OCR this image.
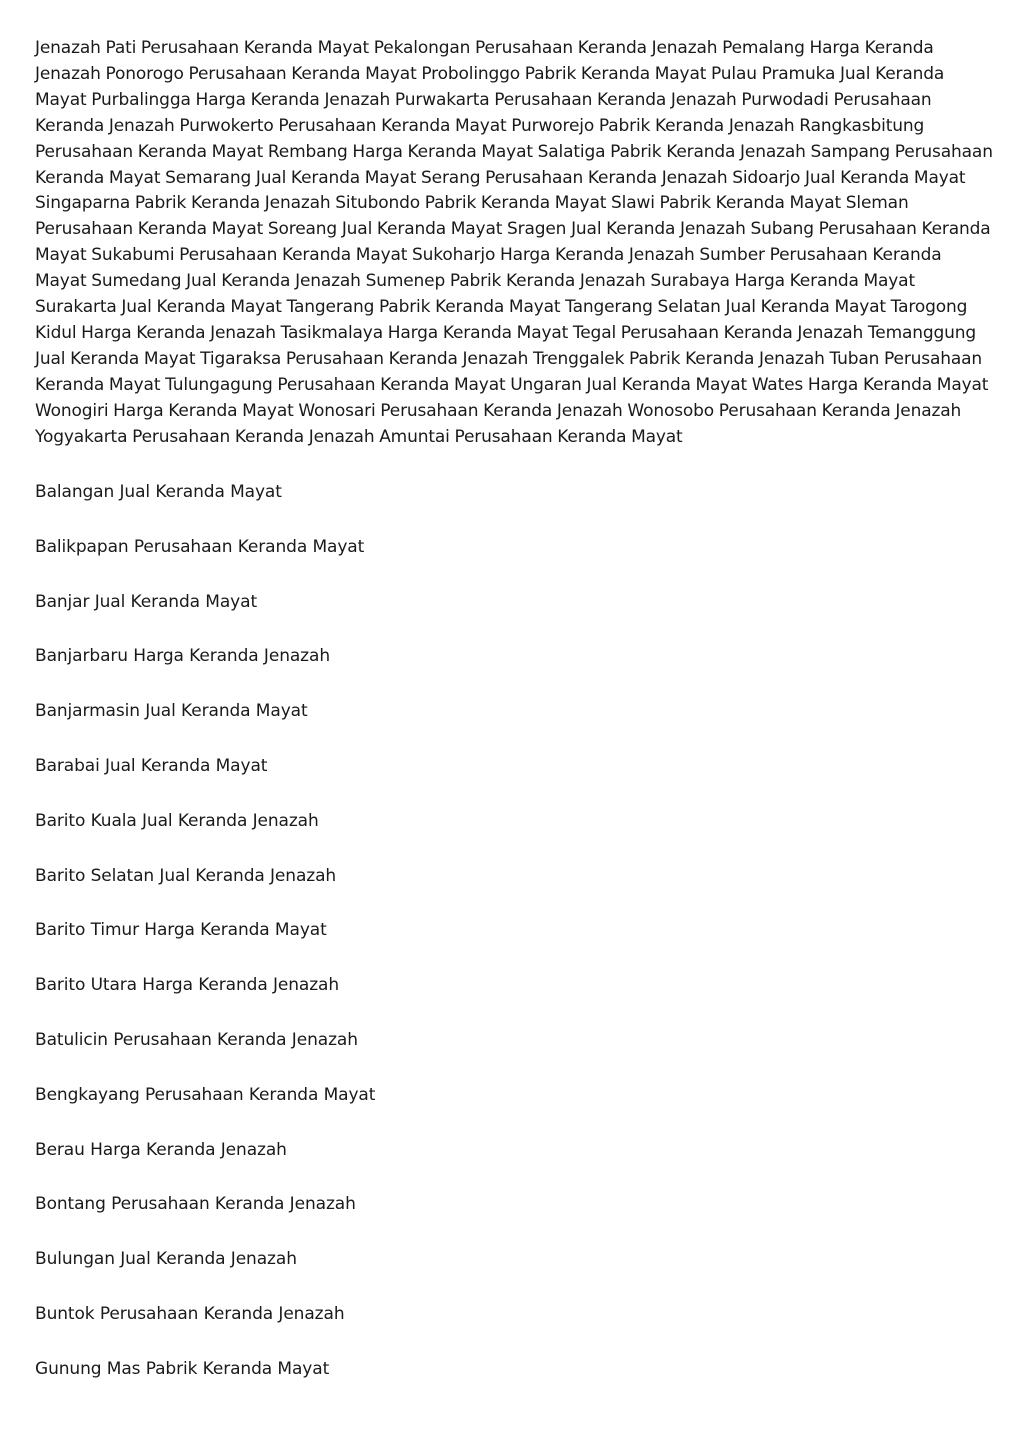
Jenazah Pati Perusahaan Keranda Mayat Pekalongan Perusahaan Keranda Jenazah Pemalang Harga Keranda Jenazah Ponorogo Perusahaan Keranda Mayat Probolinggo Pabrik Keranda Mayat Pulau Pramuka Jual Keranda Mayat Purbalingga Harga Keranda Jenazah Purwakarta Perusahaan Keranda Jenazah Purwodadi Perusahaan Keranda Jenazah Purwokerto Perusahaan Keranda Mayat Purworejo Pabrik Keranda Jenazah Rangkasbitung Perusahaan Keranda Mayat Rembang Harga Keranda Mayat Salatiga Pabrik Keranda Jenazah Sampang Perusahaan Keranda Mayat Semarang Jual Keranda Mayat Serang Perusahaan Keranda Jenazah Sidoarjo Jual Keranda Mayat Singaparna Pabrik Keranda Jenazah Situbondo Pabrik Keranda Mayat Slawi Pabrik Keranda Mayat Sleman Perusahaan Keranda Mayat Soreang Jual Keranda Mayat Sragen Jual Keranda Jenazah Subang Perusahaan Keranda Mayat Sukabumi Perusahaan Keranda Mayat Sukoharjo Harga Keranda Jenazah Sumber Perusahaan Keranda Mayat Sumedang Jual Keranda Jenazah Sumenep Pabrik Keranda Jenazah Surabaya Harga Keranda Mayat Surakarta Jual Keranda Mayat Tangerang Pabrik Keranda Mayat Tangerang Selatan Jual Keranda Mayat Tarogong Kidul Harga Keranda Jenazah Tasikmalaya Harga Keranda Mayat Tegal Perusahaan Keranda Jenazah Temanggung Jual Keranda Mayat Tigaraksa Perusahaan Keranda Jenazah Trenggalek Pabrik Keranda Jenazah Tuban Perusahaan Keranda Mayat Tulungagung Perusahaan Keranda Mayat Ungaran Jual Keranda Mayat Wates Harga Keranda Mayat Wonogiri Harga Keranda Mayat Wonosari Perusahaan Keranda Jenazah Wonosobo Perusahaan Keranda Jenazah Yogyakarta Perusahaan Keranda Jenazah Amuntai Perusahaan Keranda Mayat

Balangan Jual Keranda Mayat
Balikpapan Perusahaan Keranda Mayat
Banjar Jual Keranda Mayat
Banjarbaru Harga Keranda Jenazah
Banjarmasin Jual Keranda Mayat
Barabai Jual Keranda Mayat
Barito Kuala Jual Keranda Jenazah
Barito Selatan Jual Keranda Jenazah
Barito Timur Harga Keranda Mayat
Barito Utara Harga Keranda Jenazah
Batulicin Perusahaan Keranda Jenazah
Bengkayang Perusahaan Keranda Mayat
Berau Harga Keranda Jenazah
Bontang Perusahaan Keranda Jenazah
Bulungan Jual Keranda Jenazah
Buntok Perusahaan Keranda Jenazah
Gunung Mas Pabrik Keranda Mayat
